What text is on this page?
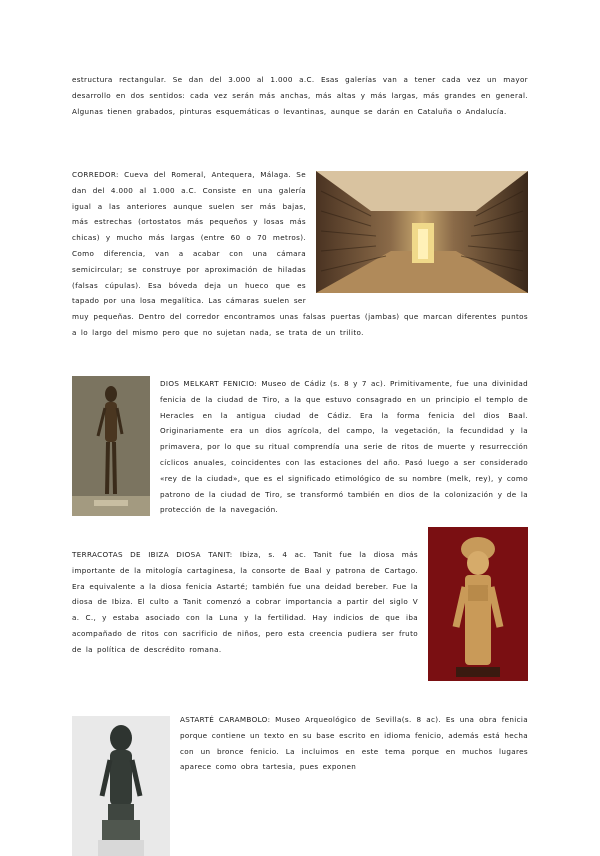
estructura rectangular. Se dan del 3.000 al 1.000 a.C. Esas galerías van a tener cada vez un mayor desarrollo en dos sentidos: cada vez serán más anchas, más altas y más largas, más grandes en general. Algunas tienen grabados, pinturas esquemáticas o levantinas, aunque se darán en Cataluña o Andalucía.

CORREDOR: Cueva del Romeral, Antequera, Málaga. Se dan del 4.000 al 1.000 a.C. Consiste en una galería igual a las anteriores aunque suelen ser más bajas, más estrechas (ortostatos más pequeños y losas más chicas) y mucho más largas (entre 60 o 70 metros). Como diferencia, van a acabar con una cámara semicircular; se construye por aproximación de hiladas (falsas cúpulas). Esa bóveda deja un hueco que es tapado por una losa megalítica. Las cámaras suelen ser muy pequeñas. Dentro del corredor encontramos unas falsas puertas (jambas) que marcan diferentes puntos a lo largo del mismo pero que no sujetan nada, se trata de un trilito.
DIOS MELKART FENICIO: Museo de Cádiz (s. 8 y 7 ac). Primitivamente, fue una divinidad fenicia de la ciudad de Tiro, a la que estuvo consagrado en un principio el templo de Heracles en la antigua ciudad de Cádiz. Era la forma fenicia del dios Baal. Originariamente era un dios agrícola, del campo, la vegetación, la fecundidad y la primavera, por lo que su ritual comprendía una serie de ritos de muerte y resurrección cíclicos anuales, coincidentes con las estaciones del año. Pasó luego a ser considerado «rey de la ciudad», que es el significado etimológico de su nombre (melk, rey), y como patrono de la ciudad de Tiro, se transformó también en dios de la colonización y de la protección de la navegación.
TERRACOTAS DE IBIZA DIOSA TANIT: Ibiza, s. 4 ac. Tanit fue la diosa más importante de la mitología cartaginesa, la consorte de Baal y patrona de Cartago. Era equivalente a la diosa fenicia Astarté; también fue una deidad bereber. Fue la diosa de Ibiza. El culto a Tanit comenzó a cobrar importancia a partir del siglo V a. C., y estaba asociado con la Luna y la fertilidad. Hay indicios de que iba acompañado de ritos con sacrificio de niños, pero esta creencia pudiera ser fruto de la política de descrédito romana.
ASTARTÉ CARAMBOLO: Museo Arqueológico de Sevilla(s. 8 ac). Es una obra fenicia porque contiene un texto en su base escrito en idioma fenicio, además está hecha con un bronce fenicio. La incluimos en este tema porque en muchos lugares aparece como obra tartesia, pues exponen
